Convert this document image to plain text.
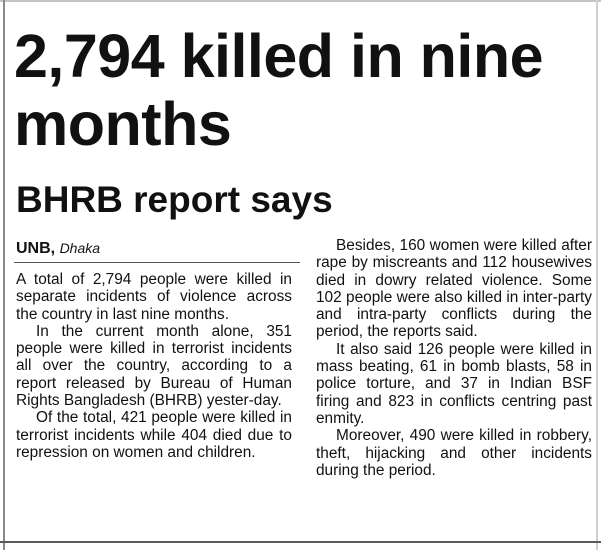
2,794 killed in nine months
BHRB report says
UNB, Dhaka

A total of 2,794 people were killed in separate incidents of violence across the country in last nine months.

In the current month alone, 351 people were killed in terrorist incidents all over the country, according to a report released by Bureau of Human Rights Bangladesh (BHRB) yester-day.

Of the total, 421 people were killed in terrorist incidents while 404 died due to repression on women and children.

Besides, 160 women were killed after rape by miscreants and 112 housewives died in dowry related violence. Some 102 people were also killed in inter-party and intra-party conflicts during the period, the reports said.

It also said 126 people were killed in mass beating, 61 in bomb blasts, 58 in police torture, and 37 in Indian BSF firing and 823 in conflicts centring past enmity.

Moreover, 490 were killed in robbery, theft, hijacking and other incidents during the period.
